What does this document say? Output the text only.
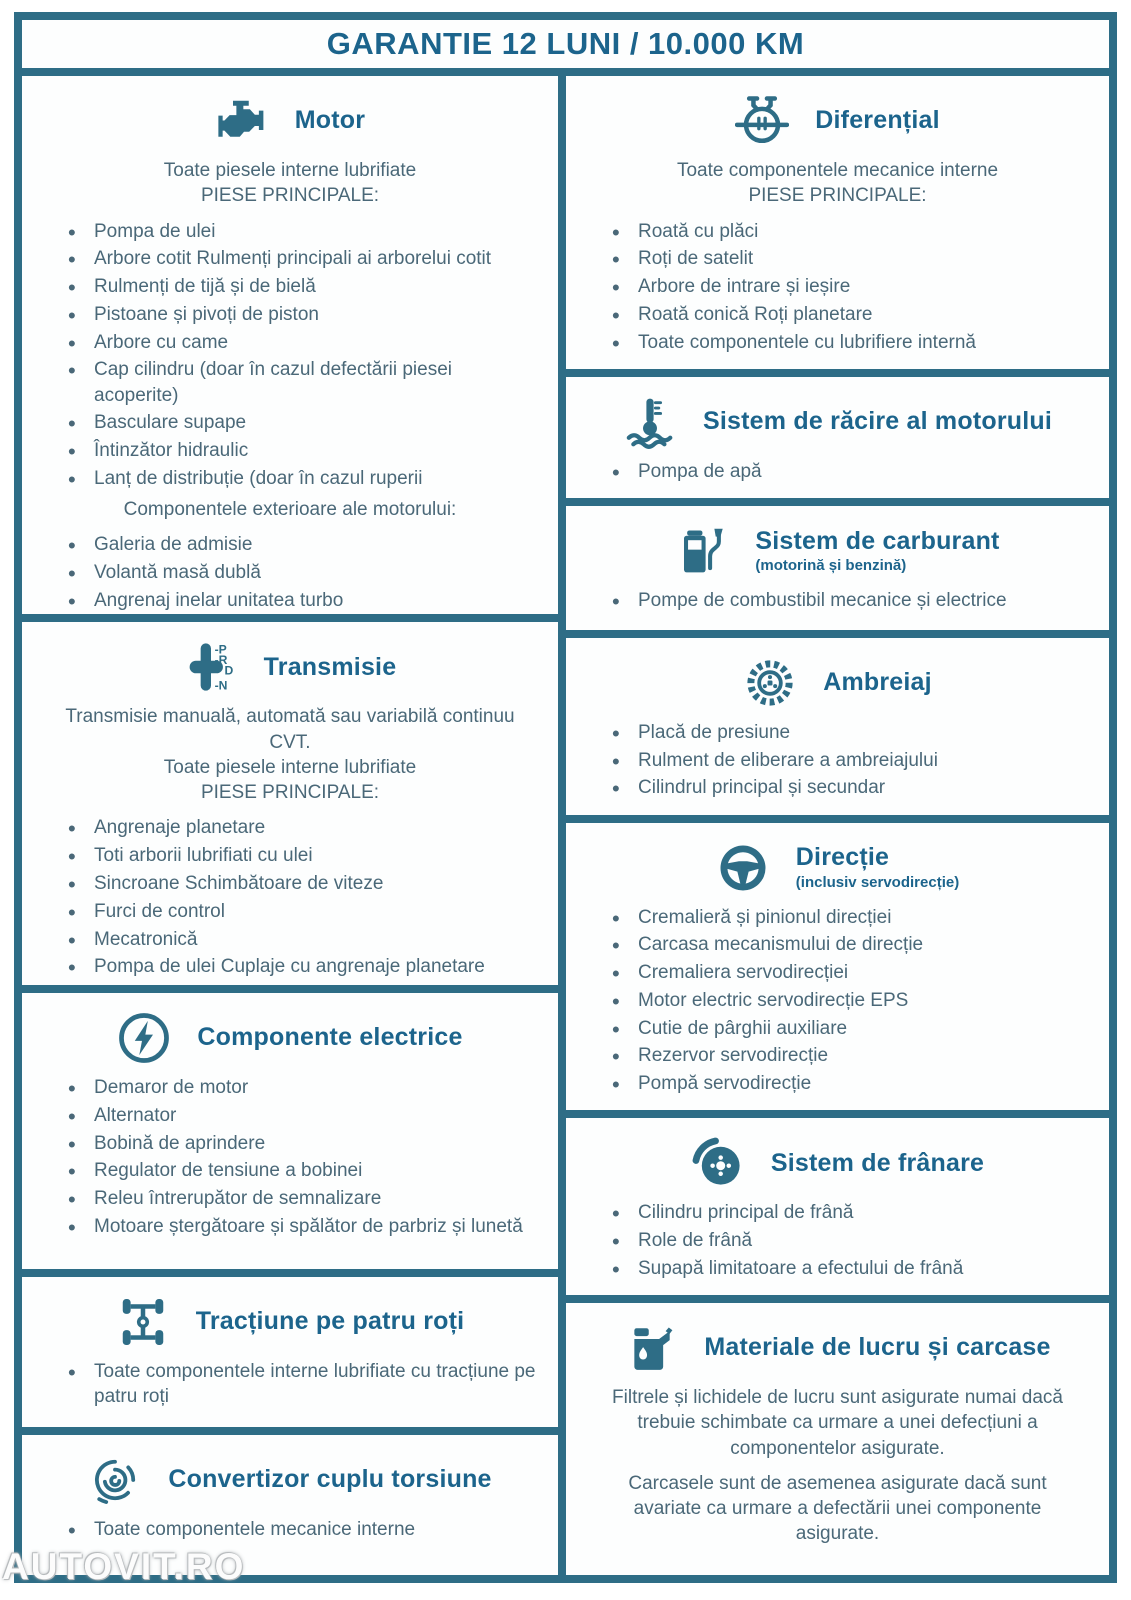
GARANTIE 12 LUNI / 10.000 KM
Motor
Toate piesele interne lubrifiate
PIESE PRINCIPALE:
• Pompa de ulei
• Arbore cotit Rulmenți principali ai arborelui cotit
• Rulmenți de tijă și de bielă
• Pistoane și pivoți de piston
• Arbore cu came
• Cap cilindru (doar în cazul defectării piesei acoperite)
• Basculare supape
• Întinzător hidraulic
• Lanț de distribuție (doar în cazul ruperii
Componentele exterioare ale motorului:
• Galeria de admisie
• Volantă masă dublă
• Angrenaj inelar unitatea turbo
-P
-R
D
-N
Transmisie
Transmisie manuală, automată sau variabilă continuu CVT.
Toate piesele interne lubrifiate
PIESE PRINCIPALE:
• Angrenaje planetare
• Toti arborii lubrifiati cu ulei
• Sincroane Schimbătoare de viteze
• Furci de control
• Mecatronică
• Pompa de ulei Cuplaje cu angrenaje planetare
Componente electrice
• Demaror de motor
• Alternator
• Bobină de aprindere
• Regulator de tensiune a bobinei
• Releu întrerupător de semnalizare
• Motoare ștergătoare și spălător de parbriz și lunetă
Tracțiune pe patru roți
• Toate componentele interne lubrifiate cu tracțiune pe patru roți
Convertizor cuplu torsiune
• Toate componentele mecanice interne
Diferențial
Toate componentele mecanice interne
PIESE PRINCIPALE:
• Roată cu plăci
• Roți de satelit
• Arbore de intrare și ieșire
• Roată conică Roți planetare
• Toate componentele cu lubrifiere internă
Sistem de răcire al motorului
• Pompa de apă
Sistem de carburant
(motorină și benzină)
• Pompe de combustibil mecanice și electrice
Ambreiaj
• Placă de presiune
• Rulment de eliberare a ambreiajului
• Cilindrul principal și secundar
Direcție
(inclusiv servodirecție)
• Cremalieră și pinionul direcției
• Carcasa mecanismului de direcție
• Cremaliera servodirecției
• Motor electric servodirecție EPS
• Cutie de pârghii auxiliare
• Rezervor servodirecție
• Pompă servodirecție
Sistem de frânare
• Cilindru principal de frână
• Role de frână
• Supapă limitatoare a efectului de frână
Materiale de lucru și carcase
Filtrele și lichidele de lucru sunt asigurate numai dacă trebuie schimbate ca urmare a unei defecțiuni a componentelor asigurate.
Carcasele sunt de asemenea asigurate dacă sunt avariate ca urmare a defectării unei componente asigurate.
AUTOVIT.RO
